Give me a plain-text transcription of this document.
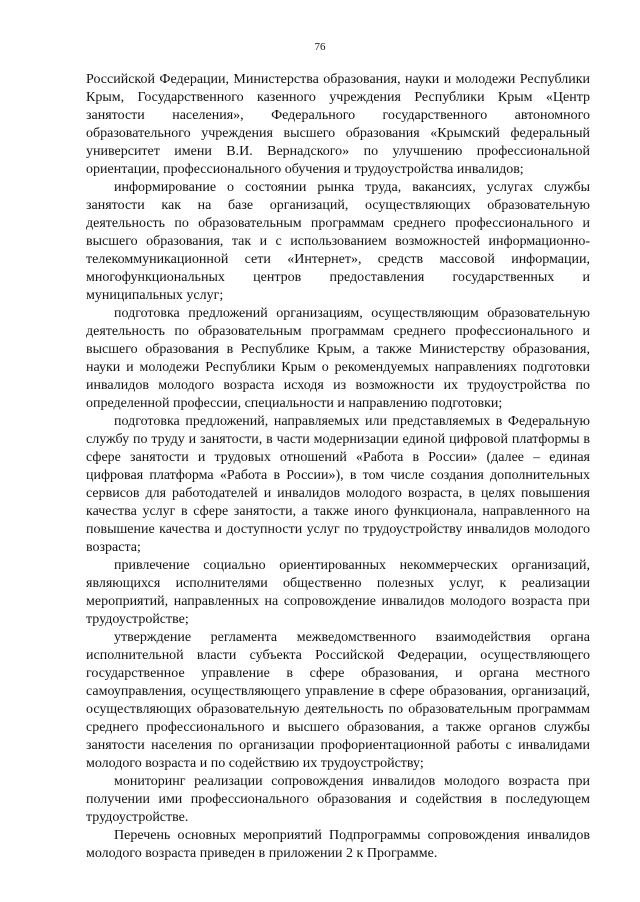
76

Российской Федерации, Министерства образования, науки и молодежи Республики Крым, Государственного казенного учреждения Республики Крым «Центр занятости населения», Федерального государственного автономного образовательного учреждения высшего образования «Крымский федеральный университет имени В.И. Вернадского» по улучшению профессиональной ориентации, профессионального обучения и трудоустройства инвалидов;

информирование о состоянии рынка труда, вакансиях, услугах службы занятости как на базе организаций, осуществляющих образовательную деятельность по образовательным программам среднего профессионального и высшего образования, так и с использованием возможностей информационно-телекоммуникационной сети «Интернет», средств массовой информации, многофункциональных центров предоставления государственных и муниципальных услуг;

подготовка предложений организациям, осуществляющим образовательную деятельность по образовательным программам среднего профессионального и высшего образования в Республике Крым, а также Министерству образования, науки и молодежи Республики Крым о рекомендуемых направлениях подготовки инвалидов молодого возраста исходя из возможности их трудоустройства по определенной профессии, специальности и направлению подготовки;

подготовка предложений, направляемых или представляемых в Федеральную службу по труду и занятости, в части модернизации единой цифровой платформы в сфере занятости и трудовых отношений «Работа в России» (далее – единая цифровая платформа «Работа в России»), в том числе создания дополнительных сервисов для работодателей и инвалидов молодого возраста, в целях повышения качества услуг в сфере занятости, а также иного функционала, направленного на повышение качества и доступности услуг по трудоустройству инвалидов молодого возраста;

привлечение социально ориентированных некоммерческих организаций, являющихся исполнителями общественно полезных услуг, к реализации мероприятий, направленных на сопровождение инвалидов молодого возраста при трудоустройстве;

утверждение регламента межведомственного взаимодействия органа исполнительной власти субъекта Российской Федерации, осуществляющего государственное управление в сфере образования, и органа местного самоуправления, осуществляющего управление в сфере образования, организаций, осуществляющих образовательную деятельность по образовательным программам среднего профессионального и высшего образования, а также органов службы занятости населения по организации профориентационной работы с инвалидами молодого возраста и по содействию их трудоустройству;

мониторинг реализации сопровождения инвалидов молодого возраста при получении ими профессионального образования и содействия в последующем трудоустройстве.

Перечень основных мероприятий Подпрограммы сопровождения инвалидов молодого возраста приведен в приложении 2 к Программе.
